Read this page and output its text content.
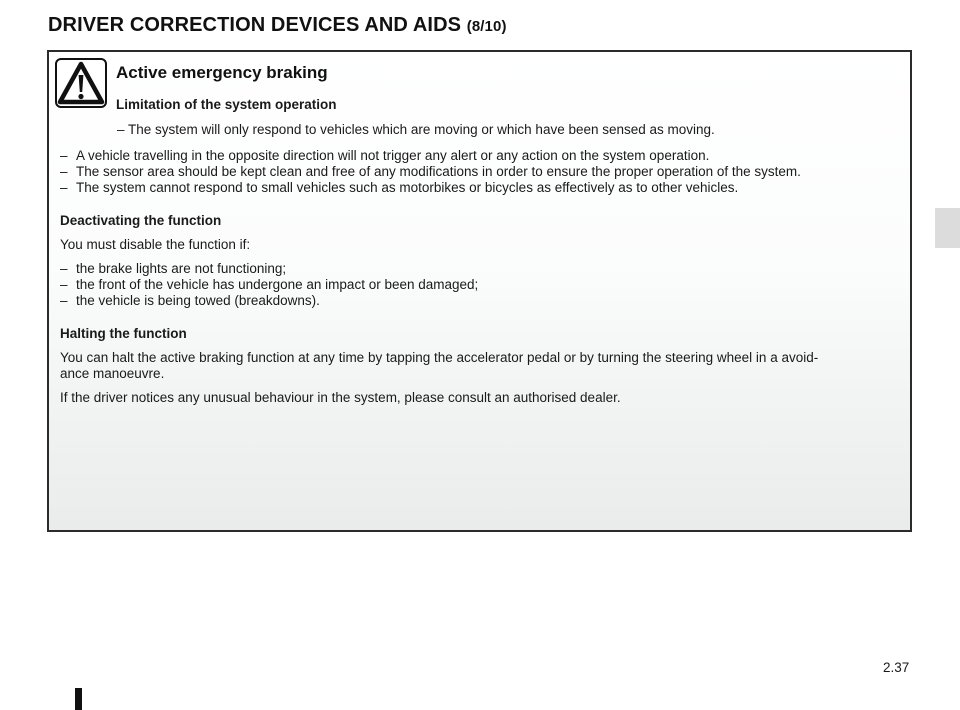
DRIVER CORRECTION DEVICES AND AIDS (8/10)
Active emergency braking

Limitation of the system operation

– The system will only respond to vehicles which are moving or which have been sensed as moving.

– A vehicle travelling in the opposite direction will not trigger any alert or any action on the system operation.

– The sensor area should be kept clean and free of any modifications in order to ensure the proper operation of the system.

– The system cannot respond to small vehicles such as motorbikes or bicycles as effectively as to other vehicles.

Deactivating the function

You must disable the function if:

– the brake lights are not functioning;

– the front of the vehicle has undergone an impact or been damaged;

– the vehicle is being towed (breakdowns).

Halting the function

You can halt the active braking function at any time by tapping the accelerator pedal or by turning the steering wheel in a avoid-
ance manoeuvre.

If the driver notices any unusual behaviour in the system, please consult an authorised dealer.

2.37
